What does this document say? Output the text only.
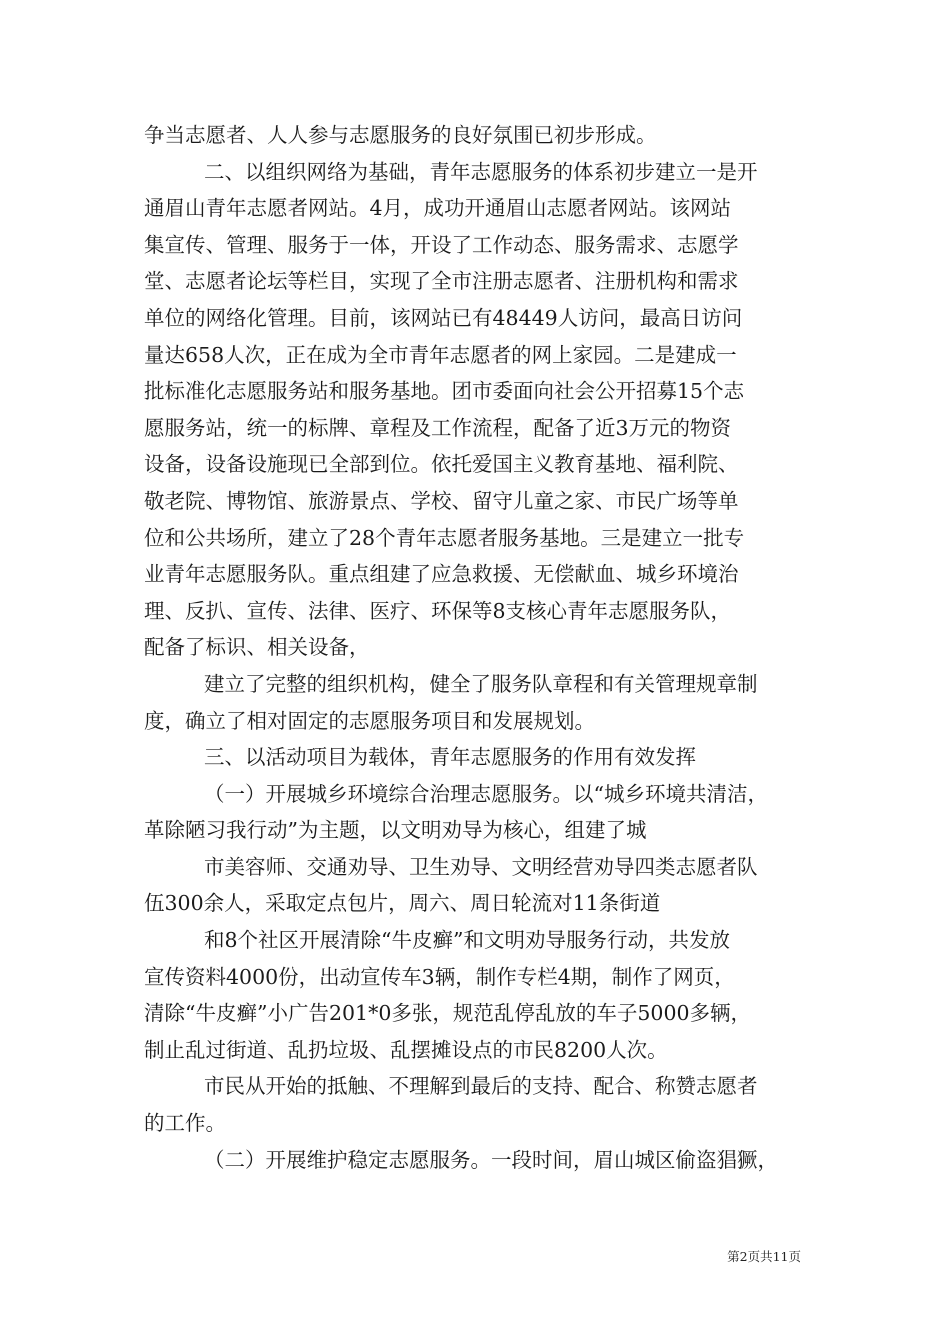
争当志愿者、人人参与志愿服务的良好氛围已初步形成。
二、以组织网络为基础，青年志愿服务的体系初步建立一是开
通眉山青年志愿者网站。4月，成功开通眉山志愿者网站。该网站
集宣传、管理、服务于一体，开设了工作动态、服务需求、志愿学
堂、志愿者论坛等栏目，实现了全市注册志愿者、注册机构和需求
单位的网络化管理。目前，该网站已有48449人访问，最高日访问
量达658人次，正在成为全市青年志愿者的网上家园。二是建成一
批标准化志愿服务站和服务基地。团市委面向社会公开招募15个志
愿服务站，统一的标牌、章程及工作流程，配备了近3万元的物资
设备，设备设施现已全部到位。依托爱国主义教育基地、福利院、
敬老院、博物馆、旅游景点、学校、留守儿童之家、市民广场等单
位和公共场所，建立了28个青年志愿者服务基地。三是建立一批专
业青年志愿服务队。重点组建了应急救援、无偿献血、城乡环境治
理、反扒、宣传、法律、医疗、环保等8支核心青年志愿服务队，
配备了标识、相关设备，
建立了完整的组织机构，健全了服务队章程和有关管理规章制
度，确立了相对固定的志愿服务项目和发展规划。
三、以活动项目为载体，青年志愿服务的作用有效发挥
（一）开展城乡环境综合治理志愿服务。以“城乡环境共清洁，
革除陋习我行动”为主题，以文明劝导为核心，组建了城
市美容师、交通劝导、卫生劝导、文明经营劝导四类志愿者队
伍300余人，采取定点包片，周六、周日轮流对11条街道
和8个社区开展清除“牛皮癣”和文明劝导服务行动，共发放
宣传资料4000份，出动宣传车3辆，制作专栏4期，制作了网页，
清除“牛皮癣”小广告201*0多张，规范乱停乱放的车子5000多辆，
制止乱过街道、乱扔垃圾、乱摆摊设点的市民8200人次。
市民从开始的抵触、不理解到最后的支持、配合、称赞志愿者
的工作。
（二）开展维护稳定志愿服务。一段时间，眉山城区偷盗猖獗，
第2页共11页
